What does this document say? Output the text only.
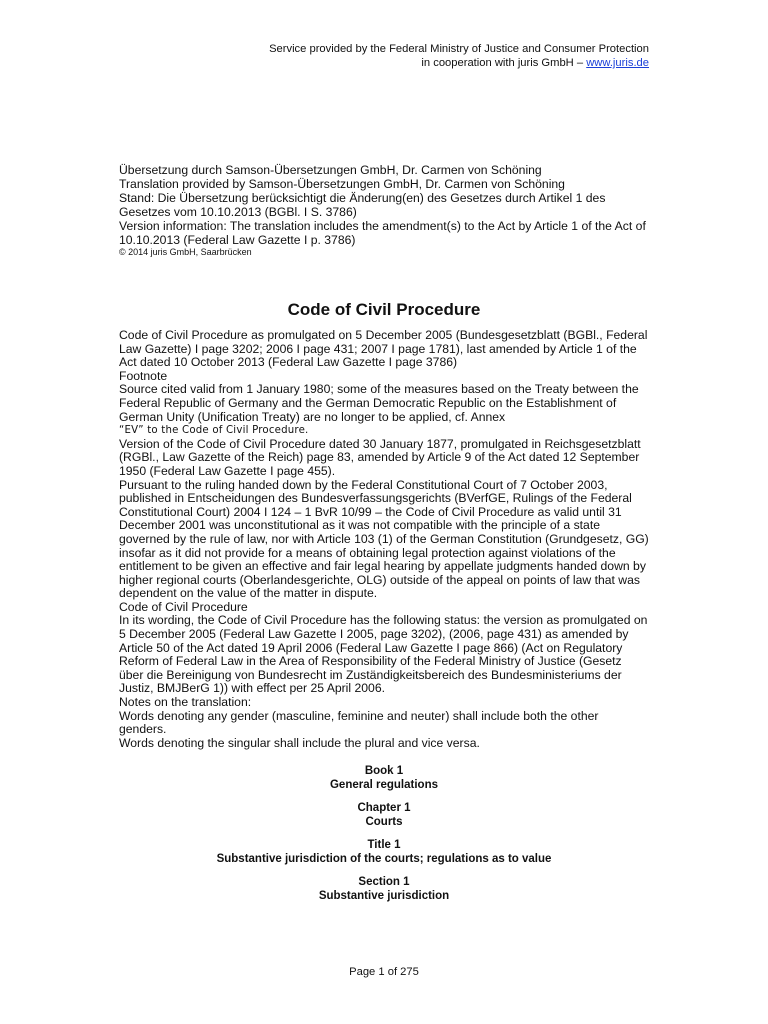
Service provided by the Federal Ministry of Justice and Consumer Protection
in cooperation with juris GmbH – www.juris.de
Übersetzung durch Samson-Übersetzungen GmbH, Dr. Carmen von Schöning
Translation provided by Samson-Übersetzungen GmbH, Dr. Carmen von Schöning
Stand: Die Übersetzung berücksichtigt die Änderung(en) des Gesetzes durch Artikel 1 des Gesetzes vom 10.10.2013 (BGBl. I S. 3786)
Version information: The translation includes the amendment(s) to the Act by Article 1 of the Act of 10.10.2013 (Federal Law Gazette I p. 3786)
© 2014 juris GmbH, Saarbrücken
Code of Civil Procedure

Code of Civil Procedure as promulgated on 5 December 2005 (Bundesgesetzblatt (BGBl., Federal Law Gazette) I page 3202; 2006 I page 431; 2007 I page 1781), last amended by Article 1 of the Act dated 10 October 2013 (Federal Law Gazette I page 3786)

Footnote

Source cited valid from 1 January 1980; some of the measures based on the Treaty between the Federal Republic of Germany and the German Democratic Republic on the Establishment of German Unity (Unification Treaty) are no longer to be applied, cf. Annex

“EV” to the Code of Civil Procedure.

Version of the Code of Civil Procedure dated 30 January 1877, promulgated in Reichsgesetzblatt (RGBl., Law Gazette of the Reich) page 83, amended by Article 9 of the Act dated 12 September 1950 (Federal Law Gazette I page 455).

Pursuant to the ruling handed down by the Federal Constitutional Court of 7 October 2003, published in Entscheidungen des Bundesverfassungsgerichts (BVerfGE, Rulings of the Federal Constitutional Court) 2004 I 124 – 1 BvR 10/99 – the Code of Civil Procedure as valid until 31 December 2001 was unconstitutional as it was not compatible with the principle of a state governed by the rule of law, nor with Article 103 (1) of the German Constitution (Grundgesetz, GG) insofar as it did not provide for a means of obtaining legal protection against violations of the entitlement to be given an effective and fair legal hearing by appellate judgments handed down by higher regional courts (Oberlandesgerichte, OLG) outside of the appeal on points of law that was dependent on the value of the matter in dispute.

Code of Civil Procedure

In its wording, the Code of Civil Procedure has the following status: the version as promulgated on 5 December 2005 (Federal Law Gazette I 2005, page 3202), (2006, page 431) as amended by Article 50 of the Act dated 19 April 2006 (Federal Law Gazette I page 866) (Act on Regulatory Reform of Federal Law in the Area of Responsibility of the Federal Ministry of Justice (Gesetz über die Bereinigung von Bundesrecht im Zuständigkeitsbereich des Bundesministeriums der Justiz, BMJBerG 1)) with effect per 25 April 2006.

Notes on the translation:

Words denoting any gender (masculine, feminine and neuter) shall include both the other genders.

Words denoting the singular shall include the plural and vice versa.

Book 1
General regulations
Chapter 1
Courts
Title 1
Substantive jurisdiction of the courts; regulations as to value
Section 1
Substantive jurisdiction
Page 1 of 275
